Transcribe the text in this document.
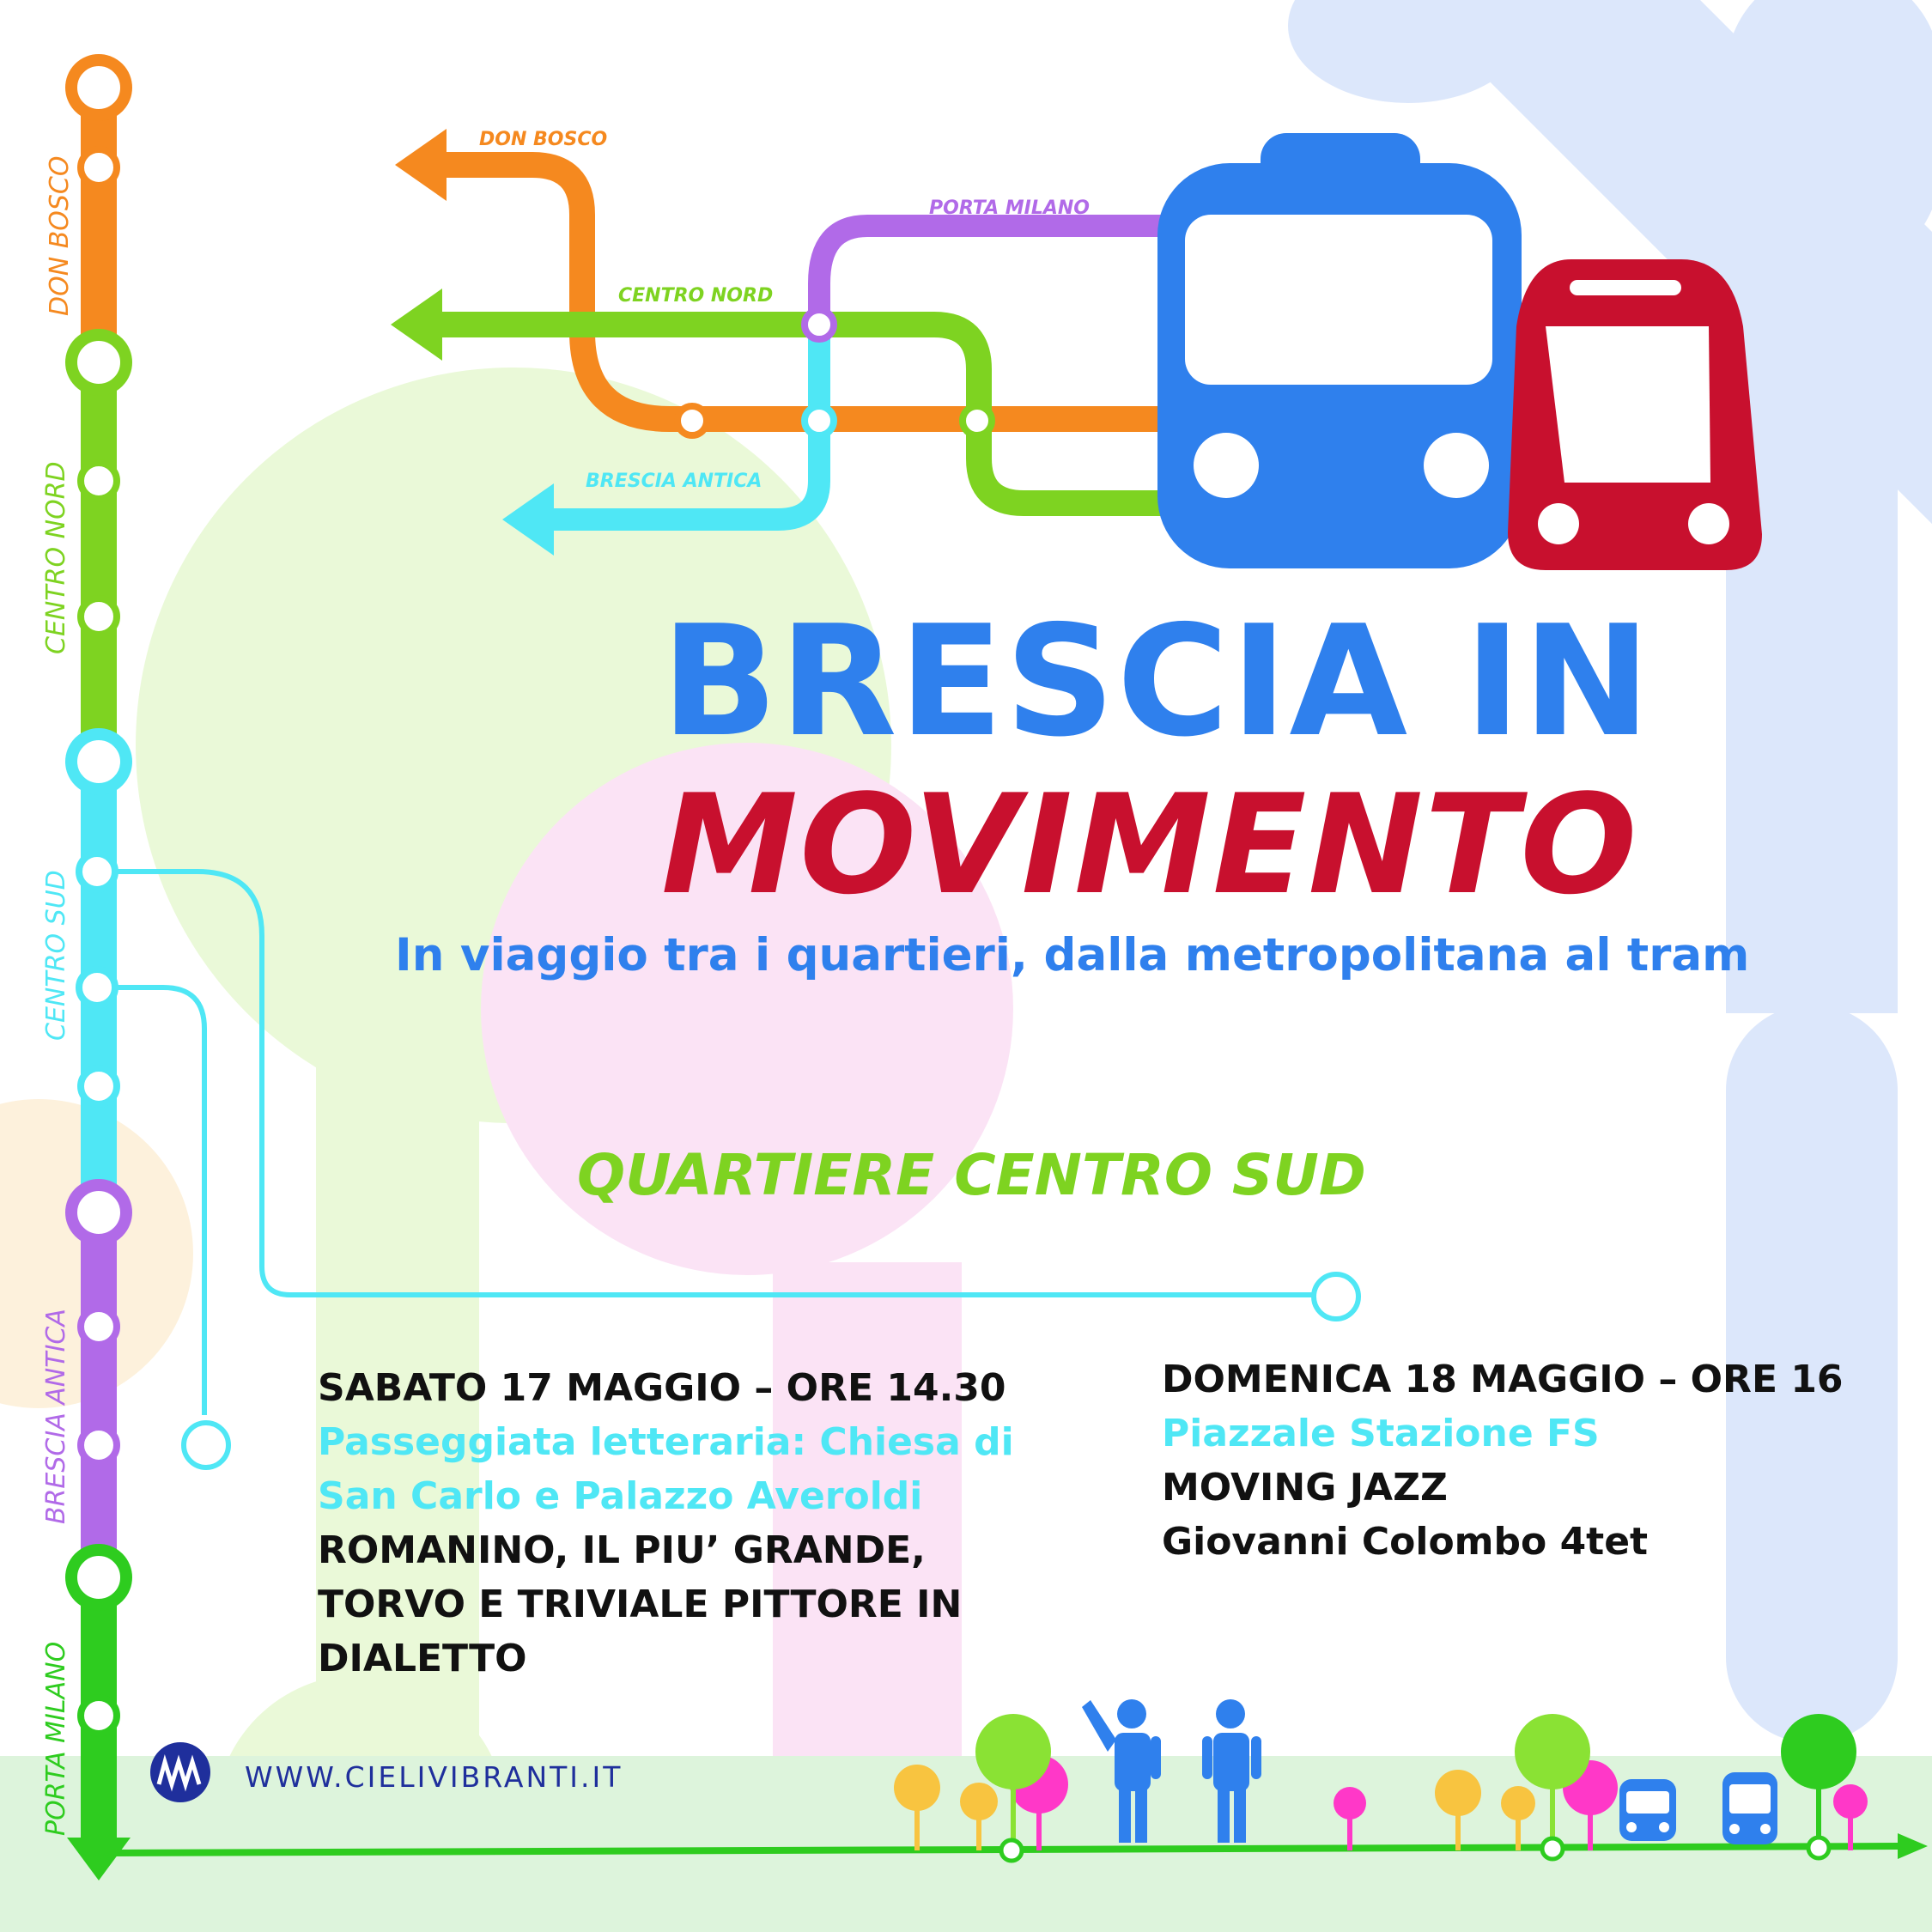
DON BOSCO
PORTA MILANO
CENTRO NORD
BRESCIA ANTICA
DON BOSCO
CENTRO NORD
CENTRO SUD
BRESCIA ANTICA
PORTA MILANO
BRESCIA IN
MOVIMENTO
In viaggio tra i quartieri, dalla metropolitana al tram
QUARTIERE CENTRO SUD
SABATO 17 MAGGIO – ORE 14.30
Passeggiata letteraria: Chiesa di San Carlo e Palazzo Averoldi
ROMANINO, IL PIU’ GRANDE, TORVO E TRIVIALE PITTORE IN DIALETTO
DOMENICA 18 MAGGIO – ORE 16
Piazzale Stazione FS
MOVING JAZZ
Giovanni Colombo 4tet
WWW.CIELIVIBRANTI.IT
